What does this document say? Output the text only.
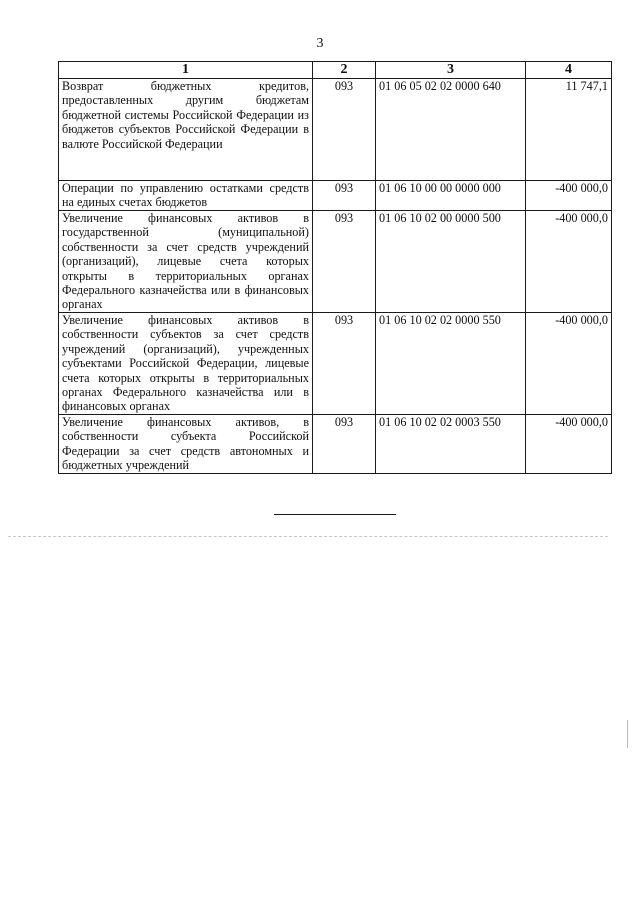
3
1	2	3	4
Возврат бюджетных кредитов, предоставленных другим бюджетам бюджетной системы Российской Федерации из бюджетов субъектов Российской Федерации в валюте Российской Федерации	093	01 06 05 02 02 0000 640	11 747,1
Операции по управлению остатками средств на единых счетах бюджетов	093	01 06 10 00 00 0000 000	-400 000,0
Увеличение финансовых активов в государственной (муниципальной) собственности за счет средств учреждений (организаций), лицевые счета которых открыты в территориальных органах Федерального казначейства или в финансовых органах	093	01 06 10 02 00 0000 500	-400 000,0
Увеличение финансовых активов в собственности субъектов за счет средств учреждений (организаций), учрежденных субъектами Российской Федерации, лицевые счета которых открыты в территориальных органах Федерального казначейства или в финансовых органах	093	01 06 10 02 02 0000 550	-400 000,0
Увеличение финансовых активов, в собственности субъекта Российской Федерации за счет средств автономных и бюджетных учреждений	093	01 06 10 02 02 0003 550	-400 000,0
